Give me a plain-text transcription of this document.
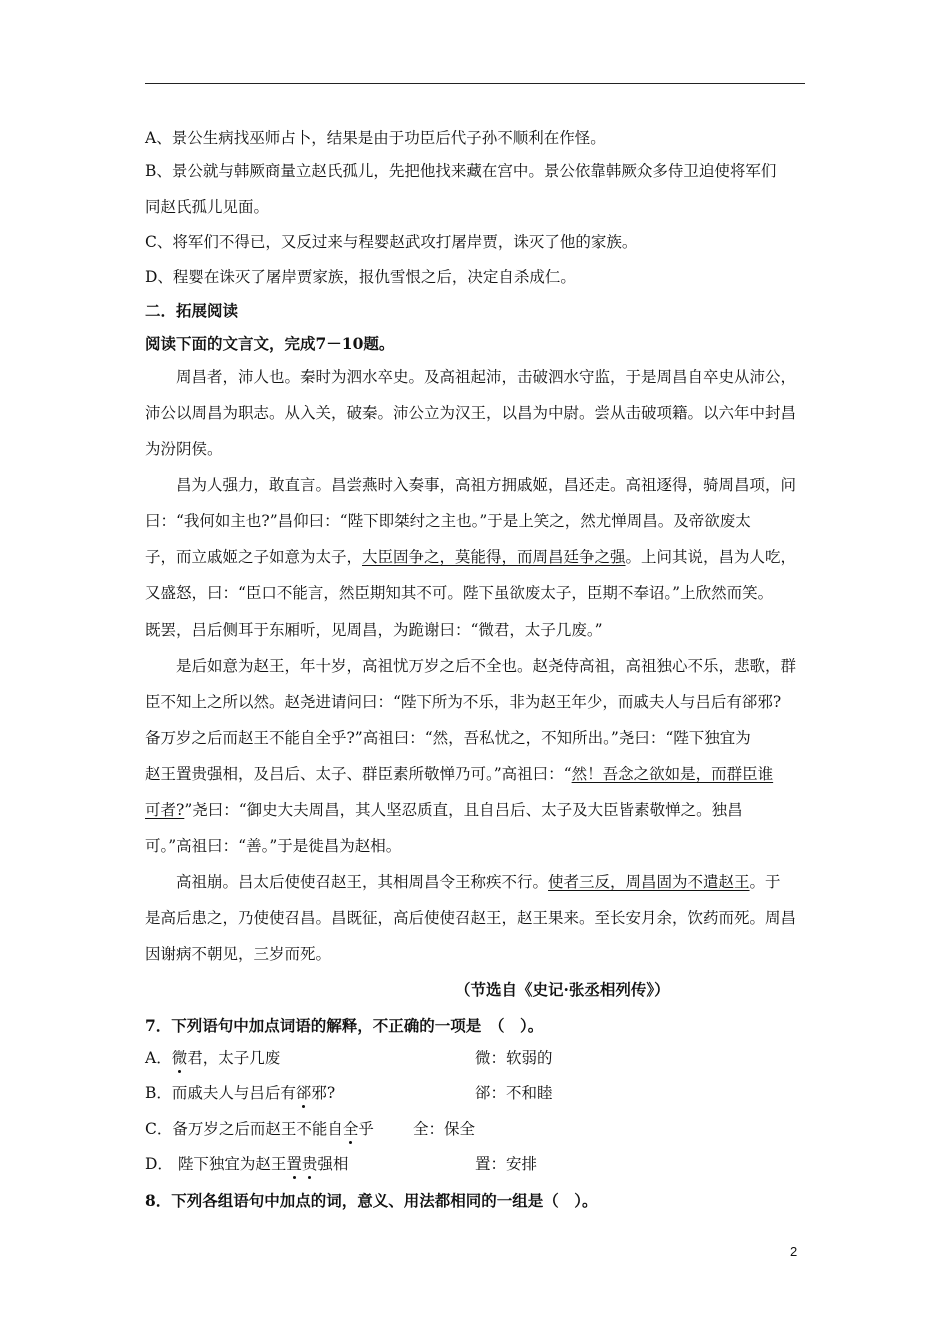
A、景公生病找巫师占卜，结果是由于功臣后代子孙不顺利在作怪。
B、景公就与韩厥商量立赵氏孤儿，先把他找来藏在宫中。景公依靠韩厥众多侍卫迫使将军们
同赵氏孤儿见面。
C、将军们不得已，又反过来与程婴赵武攻打屠岸贾，诛灭了他的家族。
D、程婴在诛灭了屠岸贾家族，报仇雪恨之后，决定自杀成仁。
二．拓展阅读
阅读下面的文言文，完成7－10题。
周昌者，沛人也。秦时为泗水卒史。及高祖起沛，击破泗水守监，于是周昌自卒史从沛公，
沛公以周昌为职志。从入关，破秦。沛公立为汉王，以昌为中尉。尝从击破项籍。以六年中封昌
为汾阴侯。
昌为人强力，敢直言。昌尝燕时入奏事，高祖方拥戚姬，昌还走。高祖逐得，骑周昌项，问
曰：“我何如主也?”昌仰曰：“陛下即桀纣之主也。”于是上笑之，然尤惮周昌。及帝欲废太
子，而立戚姬之子如意为太子，大臣固争之，莫能得，而周昌廷争之强。上问其说，昌为人吃，
又盛怒，曰：“臣口不能言，然臣期知其不可。陛下虽欲废太子，臣期不奉诏。”上欣然而笑。
既罢，吕后侧耳于东厢听，见周昌，为跪谢曰：“微君，太子几废。”
是后如意为赵王，年十岁，高祖忧万岁之后不全也。赵尧侍高祖，高祖独心不乐，悲歌，群
臣不知上之所以然。赵尧进请问曰：“陛下所为不乐，非为赵王年少，而戚夫人与吕后有郤邪?
备万岁之后而赵王不能自全乎?”高祖曰：“然，吾私忧之，不知所出。”尧曰：“陛下独宜为
赵王置贵强相，及吕后、太子、群臣素所敬惮乃可。”高祖曰：“然！吾念之欲如是，而群臣谁
可者?”尧曰：“御史大夫周昌，其人坚忍质直，且自吕后、太子及大臣皆素敬惮之。独昌
可。”高祖曰：“善。”于是徙昌为赵相。
高祖崩。吕太后使使召赵王，其相周昌令王称疾不行。使者三反，周昌固为不遣赵王。于
是高后患之，乃使使召昌。昌既征，高后使使召赵王，赵王果来。至长安月余，饮药而死。周昌
因谢病不朝见，三岁而死。
（节选自《史记·张丞相列传》）
7．下列语句中加点词语的解释，不正确的一项是　（　）。
A．微君，太子几废	微：软弱的
B．而戚夫人与吕后有郤邪?	郤：不和睦
C．备万岁之后而赵王不能自全乎	全：保全
D． 陛下独宜为赵王置贵强相	置：安排
8．下列各组语句中加点的词，意义、用法都相同的一组是（　）。
2
